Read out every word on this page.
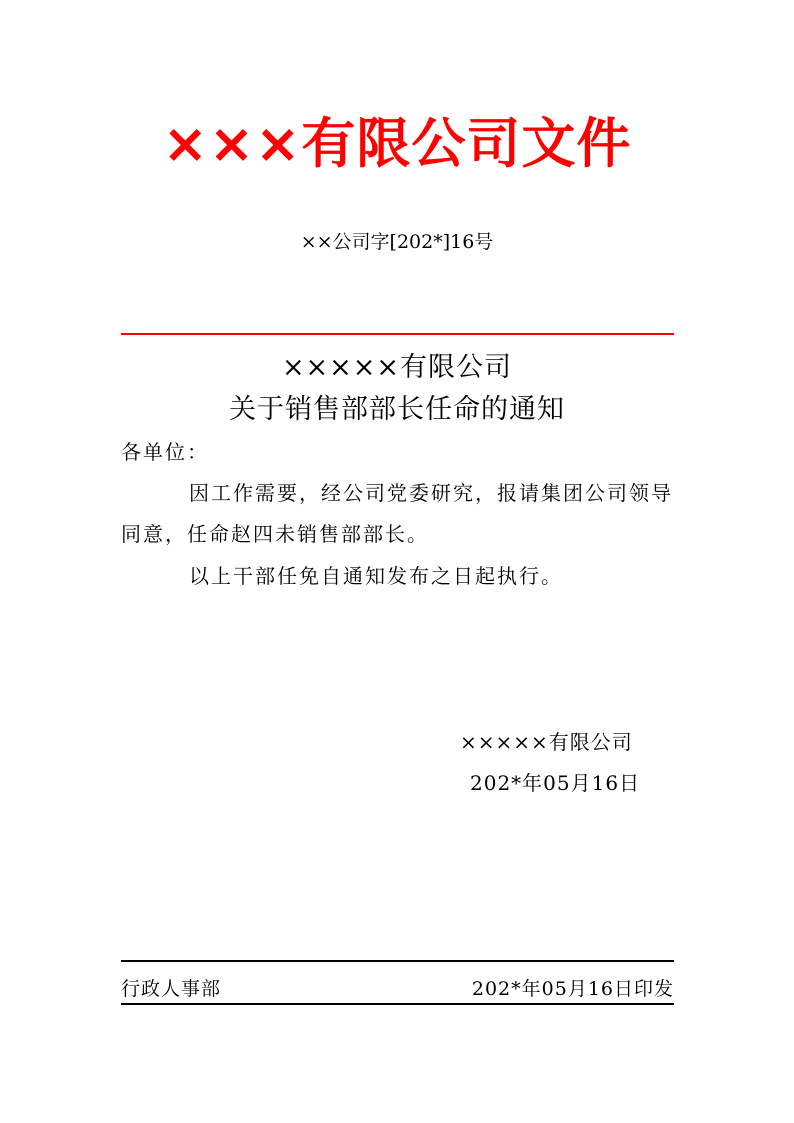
×××有限公司文件
××公司字[202*]16号
×××××有限公司
关于销售部部长任命的通知
各单位：
因工作需要，经公司党委研究，报请集团公司领导
同意，任命赵四未销售部部长。
以上干部任免自通知发布之日起执行。
×××××有限公司
202*年05月16日
行政人事部	202*年05月16日印发
